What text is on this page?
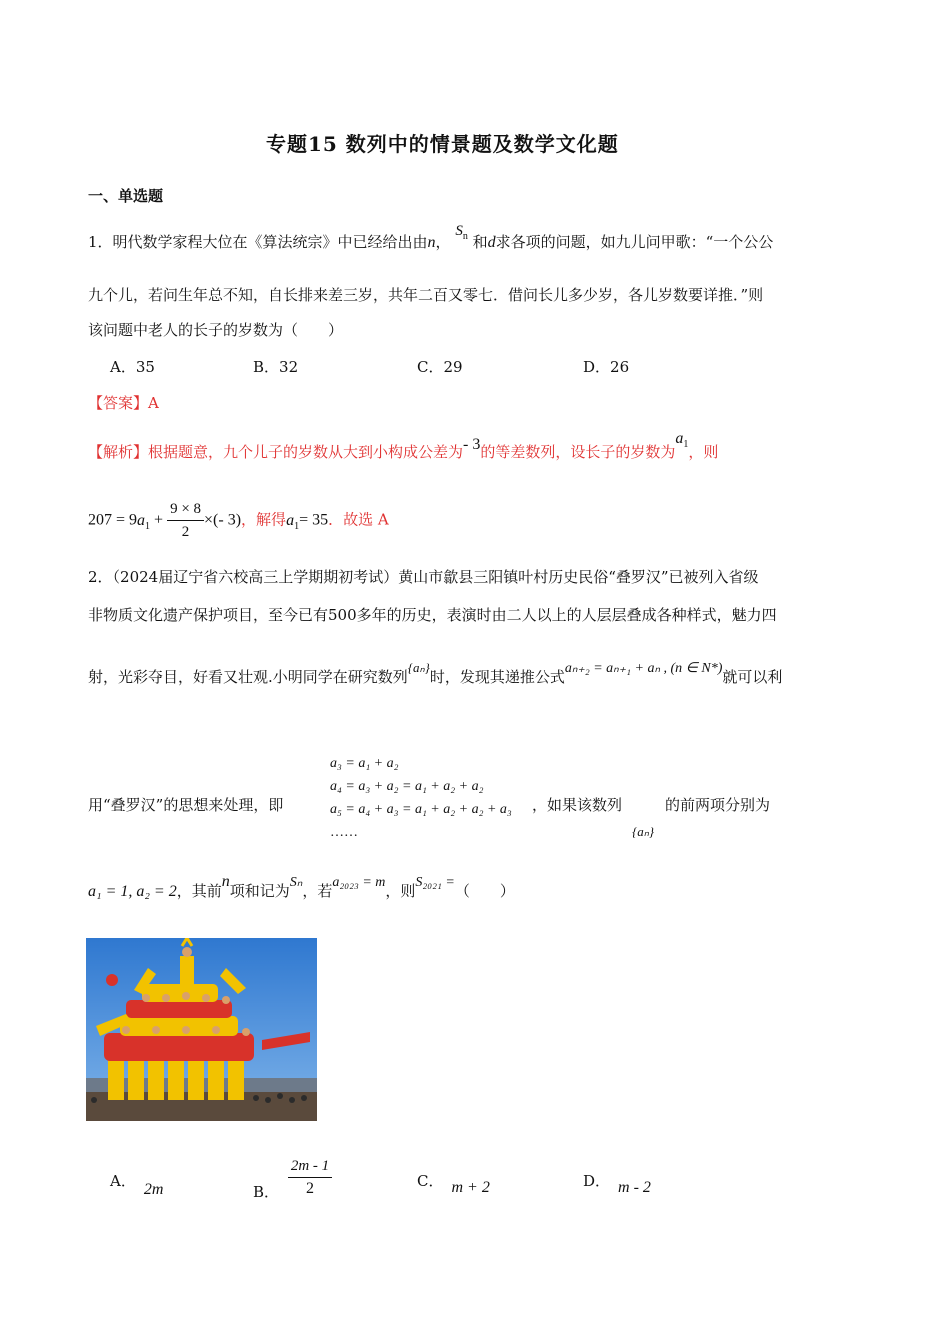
专题15 数列中的情景题及数学文化题
一、单选题
1．明代数学家程大位在《算法统宗》中已经给出由n， $S_n$ 和d求各项的问题，如九儿问甲歌：“一个公公
九个儿，若问生年总不知，自长排来差三岁，共年二百又零七．借问长儿多少岁，各儿岁数要详推．”则
该问题中老人的长子的岁数为（　　）
A．35	B．32	C．29	D．26
【答案】A
【解析】根据题意，九个儿子的岁数从大到小构成公差为- 3的等差数列，设长子的岁数为$a_1$，则
$207 = 9a_1 + \frac{9 \times 8}{2}$ ×(- 3)，解得$a_1= 35$．故选 A
2．（2024届辽宁省六校高三上学期期初考试）黄山市歙县三阳镇叶村历史民俗“叠罗汉”已被列入省级
非物质文化遗产保护项目，至今已有500多年的历史，表演时由二人以上的人层层叠成各种样式，魅力四
射，光彩夺目，好看又壮观.小明同学在研究数列{aₙ}时，发现其递推公式aₙ₊₂ = aₙ₊₁ + aₙ , (n ∈ N*)就可以利
用“叠罗汉”的思想来处理，即
a₃ = a₁ + a₂
a₄ = a₃ + a₂ = a₁ + a₂ + a₂
a₅ = a₄ + a₃ = a₁ + a₂ + a₂ + a₃
……
，如果该数列	的前两项分别为
{aₙ}
a₁ = 1, a₂ = 2，其前n项和记为Sₙ，若a₂₀₂₃ = m，则S₂₀₂₁ =（　　）
A． 2m	B． $\frac{2m - 1}{2}$	C． m + 2	D． m - 2
